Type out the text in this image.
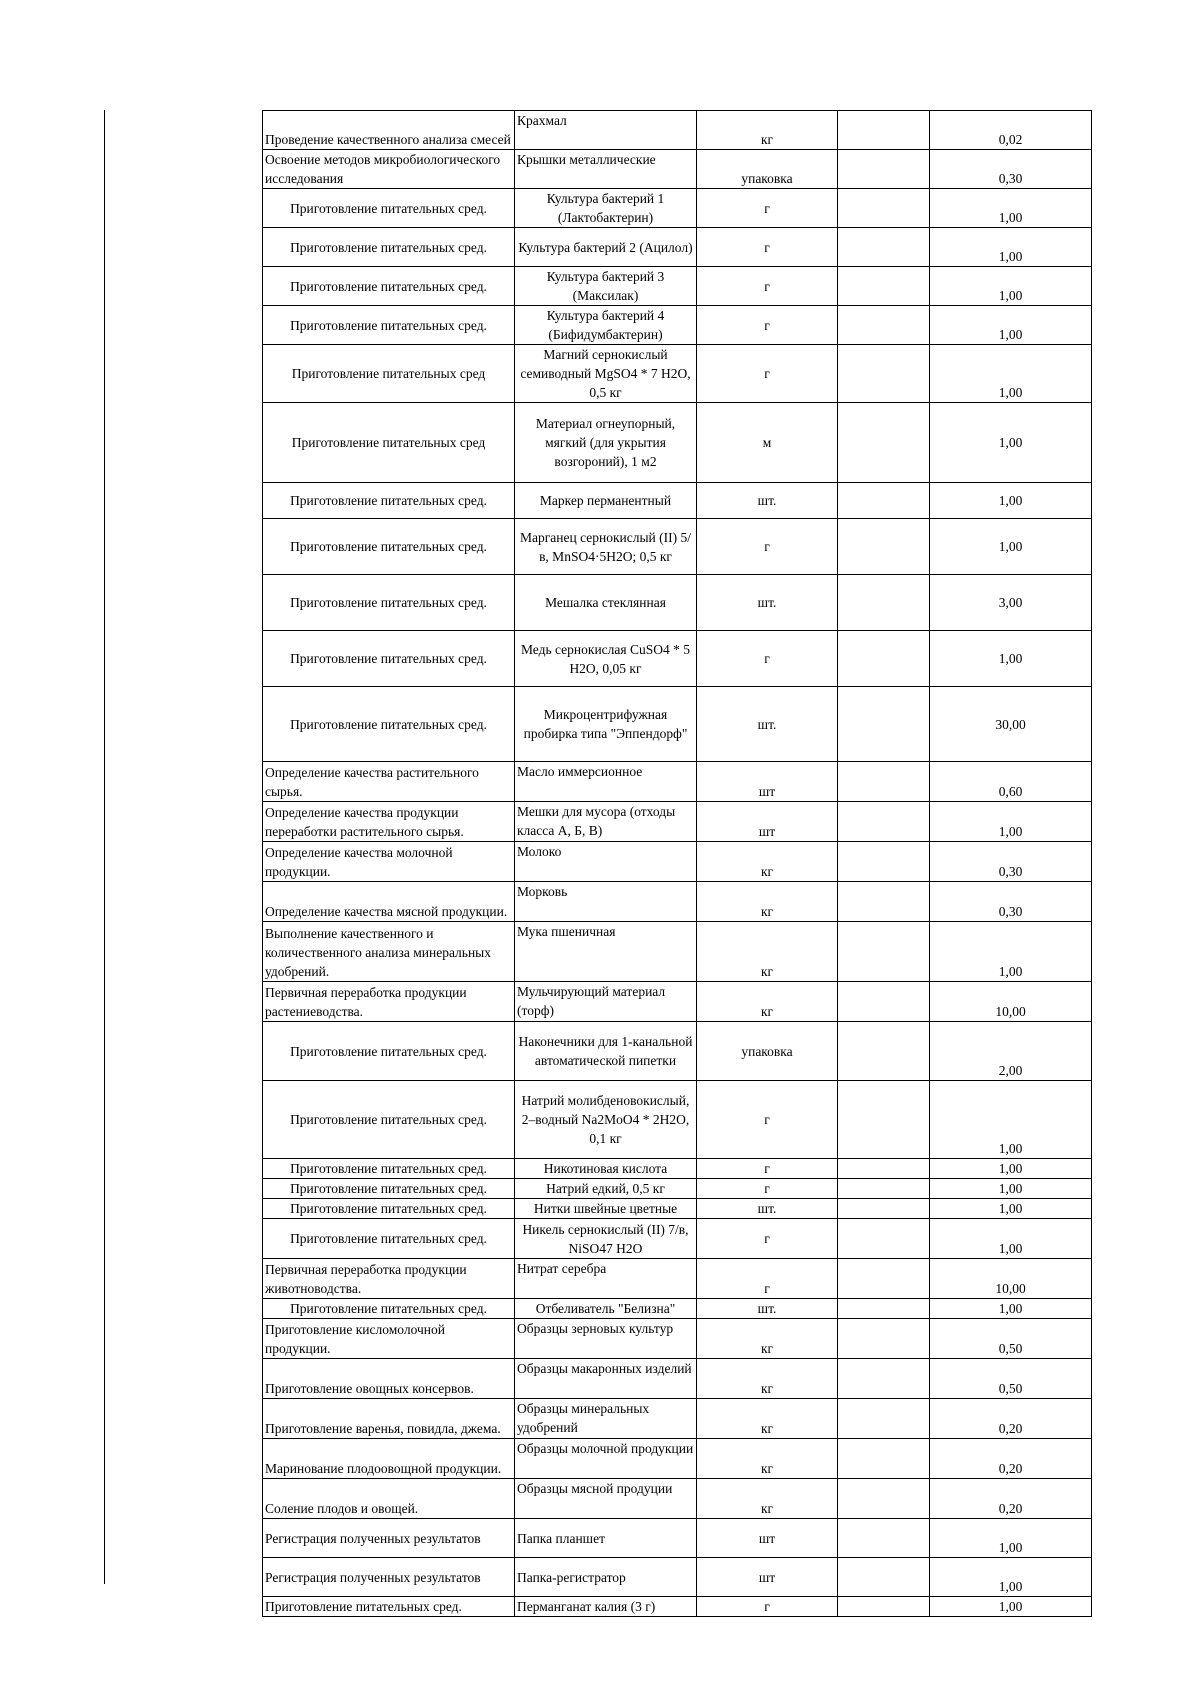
Проведение качественного анализа смесей	Крахмал	кг		0,02
Освоение методов микробиологического исследования	Крышки металлические	упаковка		0,30
Приготовление питательных сред.	Культура бактерий 1 (Лактобактерин)	г		1,00
Приготовление питательных сред.	Культура бактерий 2 (Ацилол)	г		1,00
Приготовление питательных сред.	Культура бактерий 3 (Максилак)	г		1,00
Приготовление питательных сред.	Культура бактерий 4 (Бифидумбактерин)	г		1,00
Приготовление питательных сред	Магний сернокислый семиводный MgSO4 * 7 H2O, 0,5 кг	г		1,00
Приготовление питательных сред	Материал огнеупорный, мягкий (для укрытия возгороний), 1 м2	м		1,00
Приготовление питательных сред.	Маркер перманентный	шт.		1,00
Приготовление питательных сред.	Марганец сернокислый (II) 5/в, MnSO4·5H2O; 0,5 кг	г		1,00
Приготовление питательных сред.	Мешалка стеклянная	шт.		3,00
Приготовление питательных сред.	Медь сернокислая CuSO4 * 5 H2O, 0,05 кг	г		1,00
Приготовление питательных сред.	Микроцентрифужная пробирка типа "Эппендорф"	шт.		30,00
Определение качества растительного сырья.	Масло иммерсионное	шт		0,60
Определение качества продукции переработки растительного сырья.	Мешки для мусора (отходы класса А, Б, В)	шт		1,00
Определение качества молочной продукции.	Молоко	кг		0,30
Определение качества мясной продукции.	Морковь	кг		0,30
Выполнение качественного и количественного анализа минеральных удобрений.	Мука пшеничная	кг		1,00
Первичная переработка продукции растениеводства.	Мульчирующий материал (торф)	кг		10,00
Приготовление питательных сред.	Наконечники для 1-канальной автоматической пипетки	упаковка		2,00
Приготовление питательных сред.	Натрий молибденовокислый, 2–водный Na2MoO4 * 2H2O, 0,1 кг	г		1,00
Приготовление питательных сред.	Никотиновая кислота	г		1,00
Приготовление питательных сред.	Натрий едкий, 0,5 кг	г		1,00
Приготовление питательных сред.	Нитки швейные цветные	шт.		1,00
Приготовление питательных сред.	Никель сернокислый (II) 7/в, NiSO47 H2O	г		1,00
Первичная переработка продукции животноводства.	Нитрат серебра	г		10,00
Приготовление питательных сред.	Отбеливатель "Белизна"	шт.		1,00
Приготовление кисломолочной продукции.	Образцы зерновых культур	кг		0,50
Приготовление овощных консервов.	Образцы макаронных изделий	кг		0,50
Приготовление варенья, повидла, джема.	Образцы минеральных удобрений	кг		0,20
Маринование плодоовощной продукции.	Образцы молочной продукции	кг		0,20
Соление плодов и овощей.	Образцы мясной продуции	кг		0,20
Регистрация полученных результатов	Папка планшет	шт		1,00
Регистрация полученных результатов	Папка-регистратор	шт		1,00
Приготовление питательных сред.	Перманганат калия (3 г)	г		1,00
